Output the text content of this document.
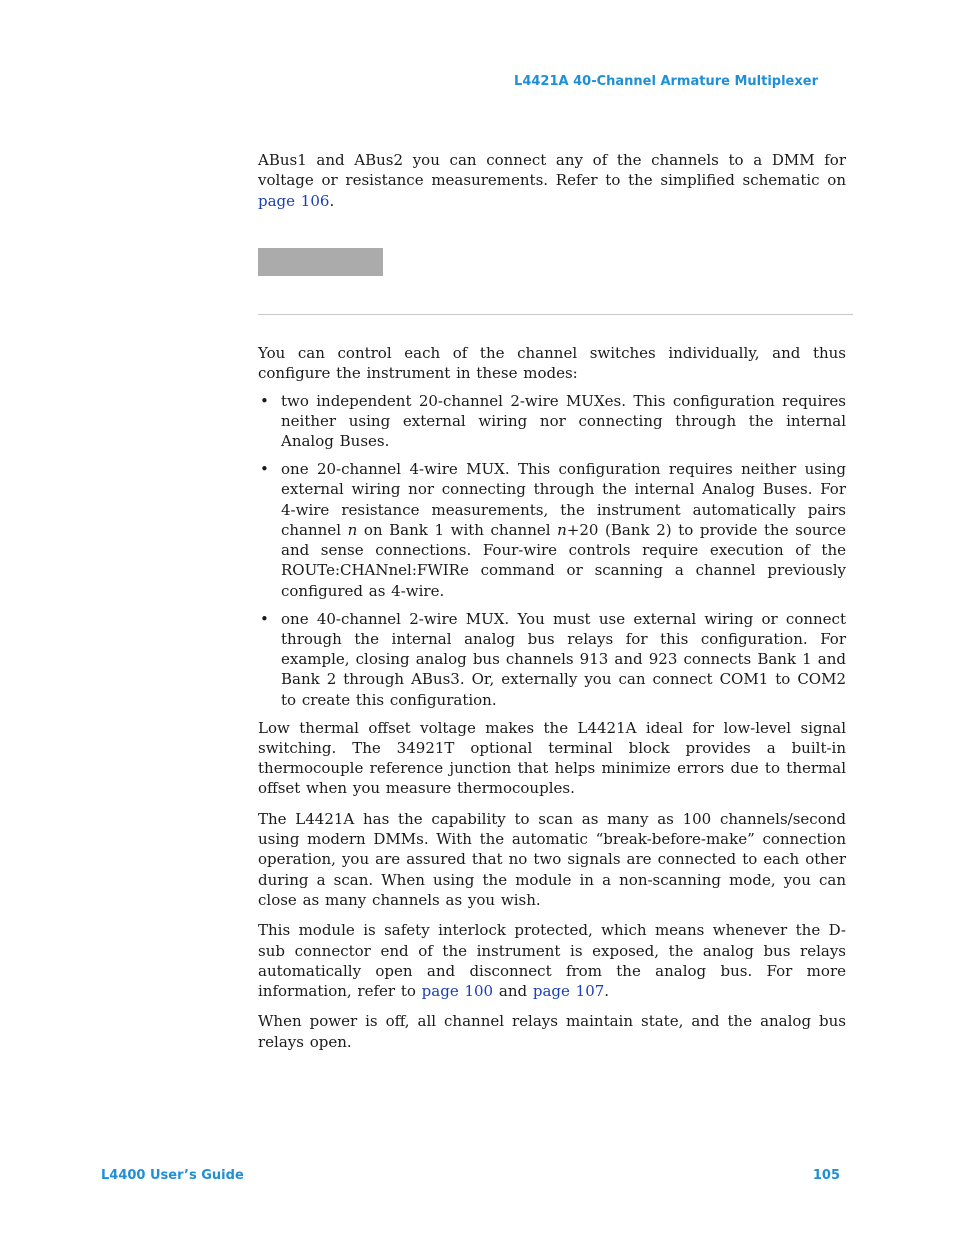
L4421A 40-Channel Armature Multiplexer

ABus1 and ABus2 you can connect any of the channels to a DMM for voltage or resistance measurements. Refer to the simplified schematic on page 106.

You can control each of the channel switches individually, and thus configure the instrument in these modes:

• two independent 20-channel 2-wire MUXes. This configuration requires neither using external wiring nor connecting through the internal Analog Buses.
• one 20-channel 4-wire MUX. This configuration requires neither using external wiring nor connecting through the internal Analog Buses. For 4-wire resistance measurements, the instrument automatically pairs channel n on Bank 1 with channel n+20 (Bank 2) to provide the source and sense connections. Four-wire controls require execution of the ROUTe:CHANnel:FWIRe command or scanning a channel previously configured as 4-wire.
• one 40-channel 2-wire MUX. You must use external wiring or connect through the internal analog bus relays for this configuration. For example, closing analog bus channels 913 and 923 connects Bank 1 and Bank 2 through ABus3. Or, externally you can connect COM1 to COM2 to create this configuration.

Low thermal offset voltage makes the L4421A ideal for low-level signal switching. The 34921T optional terminal block provides a built-in thermocouple reference junction that helps minimize errors due to thermal offset when you measure thermocouples.

The L4421A has the capability to scan as many as 100 channels/second using modern DMMs. With the automatic “break-before-make” connection operation, you are assured that no two signals are connected to each other during a scan. When using the module in a non-scanning mode, you can close as many channels as you wish.

This module is safety interlock protected, which means whenever the D-sub connector end of the instrument is exposed, the analog bus relays automatically open and disconnect from the analog bus. For more information, refer to page 100 and page 107.

When power is off, all channel relays maintain state, and the analog bus relays open.

L4400 User’s Guide	105
